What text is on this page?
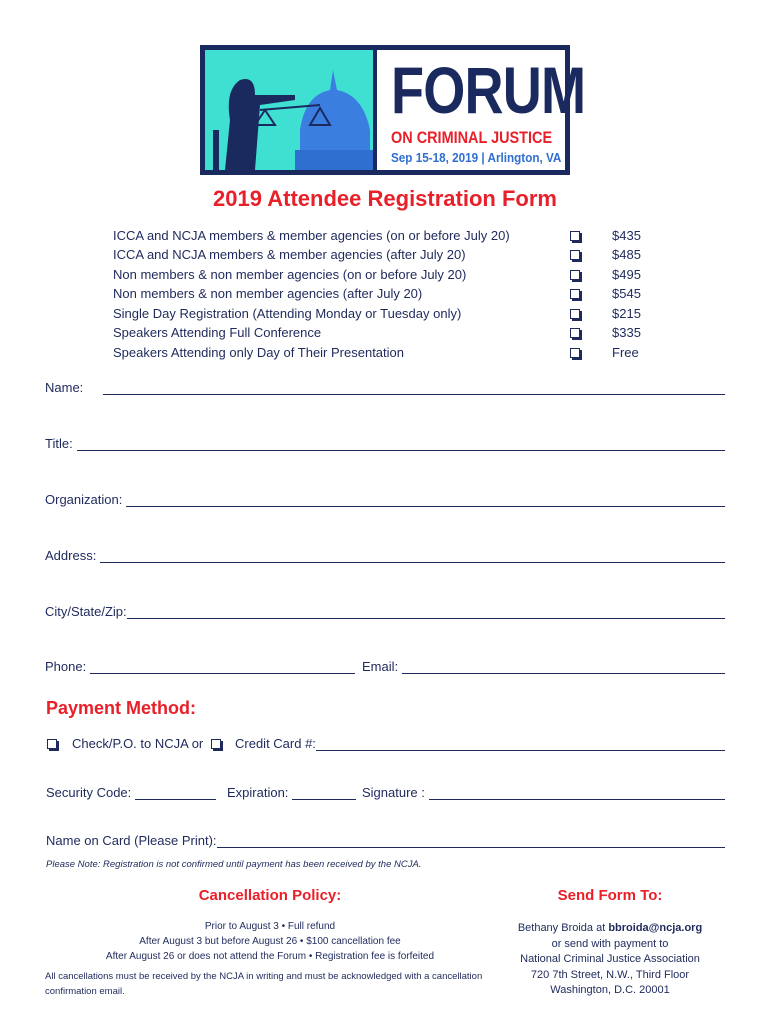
FORUM
ON CRIMINAL JUSTICE
Sep 15-18, 2019 | Arlington, VA
2019 Attendee Registration Form
ICCA and NCJA members & member agencies (on or before July 20)	$435
ICCA and NCJA members & member agencies (after July 20)	$485
Non members & non member agencies (on or before July 20)	$495
Non members & non member agencies (after July 20)	$545
Single Day Registration (Attending Monday or Tuesday only)	$215
Speakers Attending Full Conference	$335
Speakers Attending only Day of Their Presentation	Free
Name:
Title:
Organization:
Address:
City/State/Zip:
Phone:	Email:
Payment Method:
Check/P.O. to NCJA or Credit Card #:
Security Code:	Expiration:	Signature :
Name on Card (Please Print):
Please Note: Registration is not confirmed until payment has been received by the NCJA.
Cancellation Policy:
Prior to August 3 • Full refund
After August 3 but before August 26 • $100 cancellation fee
After August 26 or does not attend the Forum • Registration fee is forfeited
All cancellations must be received by the NCJA in writing and must be acknowledged with a cancellation confirmation email.
Send Form To:
Bethany Broida at bbroida@ncja.org
or send with payment to
National Criminal Justice Association
720 7th Street, N.W., Third Floor
Washington, D.C. 20001
